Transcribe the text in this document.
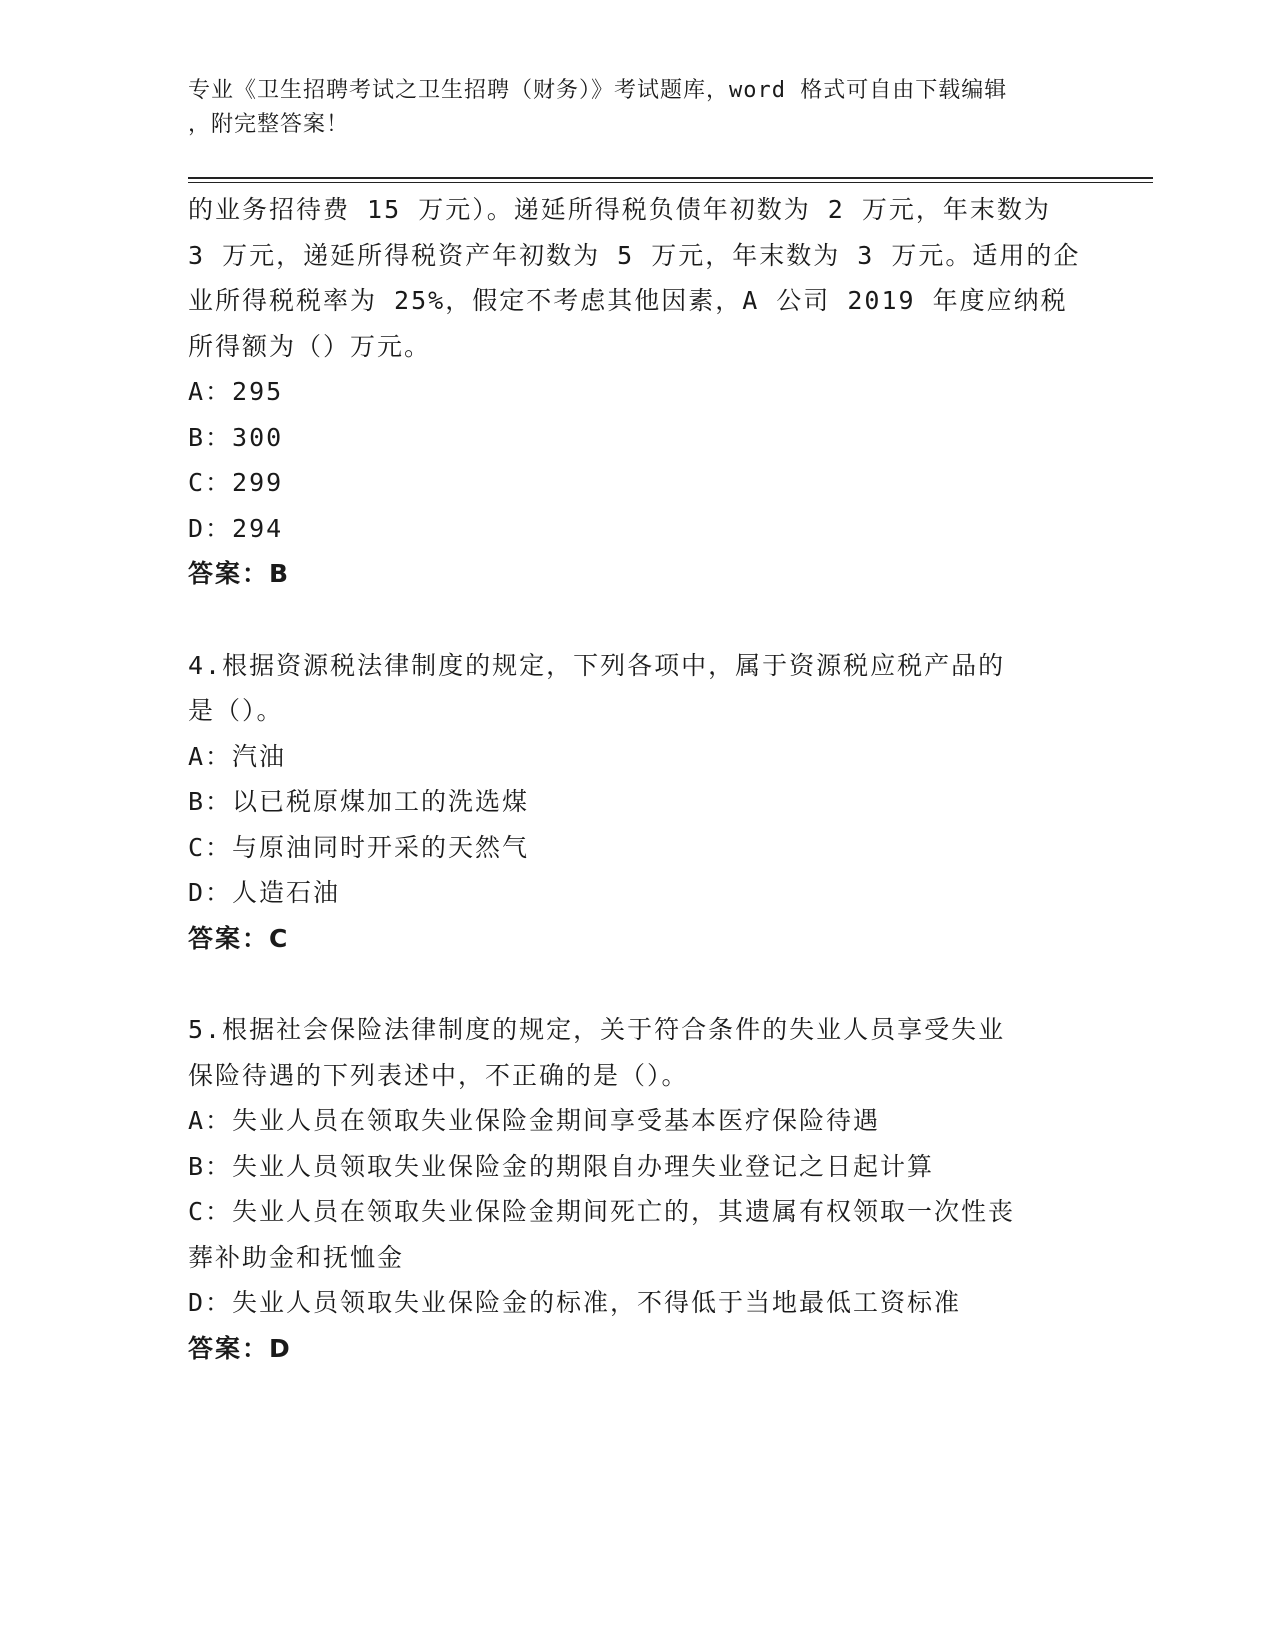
专业《卫生招聘考试之卫生招聘（财务）》考试题库，word 格式可自由下载编辑
，附完整答案！
的业务招待费 15 万元）。递延所得税负债年初数为 2 万元，年末数为
3 万元，递延所得税资产年初数为 5 万元，年末数为 3 万元。适用的企
业所得税税率为 25%，假定不考虑其他因素，A 公司 2019 年度应纳税
所得额为（）万元。
A：295
B：300
C：299
D：294
答案：B
4.根据资源税法律制度的规定，下列各项中，属于资源税应税产品的
是（）。
A：汽油
B：以已税原煤加工的洗选煤
C：与原油同时开采的天然气
D：人造石油
答案：C
5.根据社会保险法律制度的规定，关于符合条件的失业人员享受失业
保险待遇的下列表述中，不正确的是（）。
A：失业人员在领取失业保险金期间享受基本医疗保险待遇
B：失业人员领取失业保险金的期限自办理失业登记之日起计算
C：失业人员在领取失业保险金期间死亡的，其遗属有权领取一次性丧
葬补助金和抚恤金
D：失业人员领取失业保险金的标准，不得低于当地最低工资标准
答案：D
